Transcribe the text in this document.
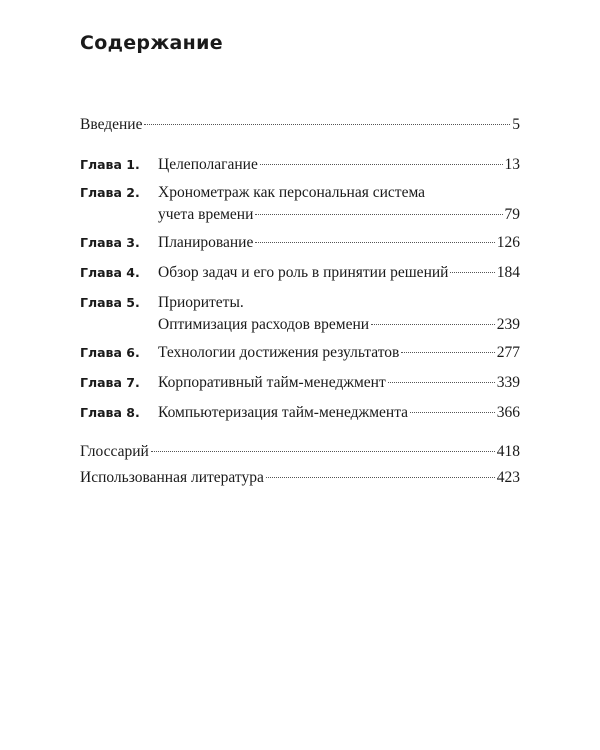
Содержание
Введение	5
Глава 1. Целеполагание	13
Глава 2. Хронометраж как персональная система
учета времени	79
Глава 3. Планирование	126
Глава 4. Обзор задач и его роль в принятии решений	184
Глава 5. Приоритеты.
Оптимизация расходов времени	239
Глава 6. Технологии достижения результатов	277
Глава 7. Корпоративный тайм-менеджмент	339
Глава 8. Компьютеризация тайм-менеджмента	366
Глоссарий	418
Использованная литература	423
